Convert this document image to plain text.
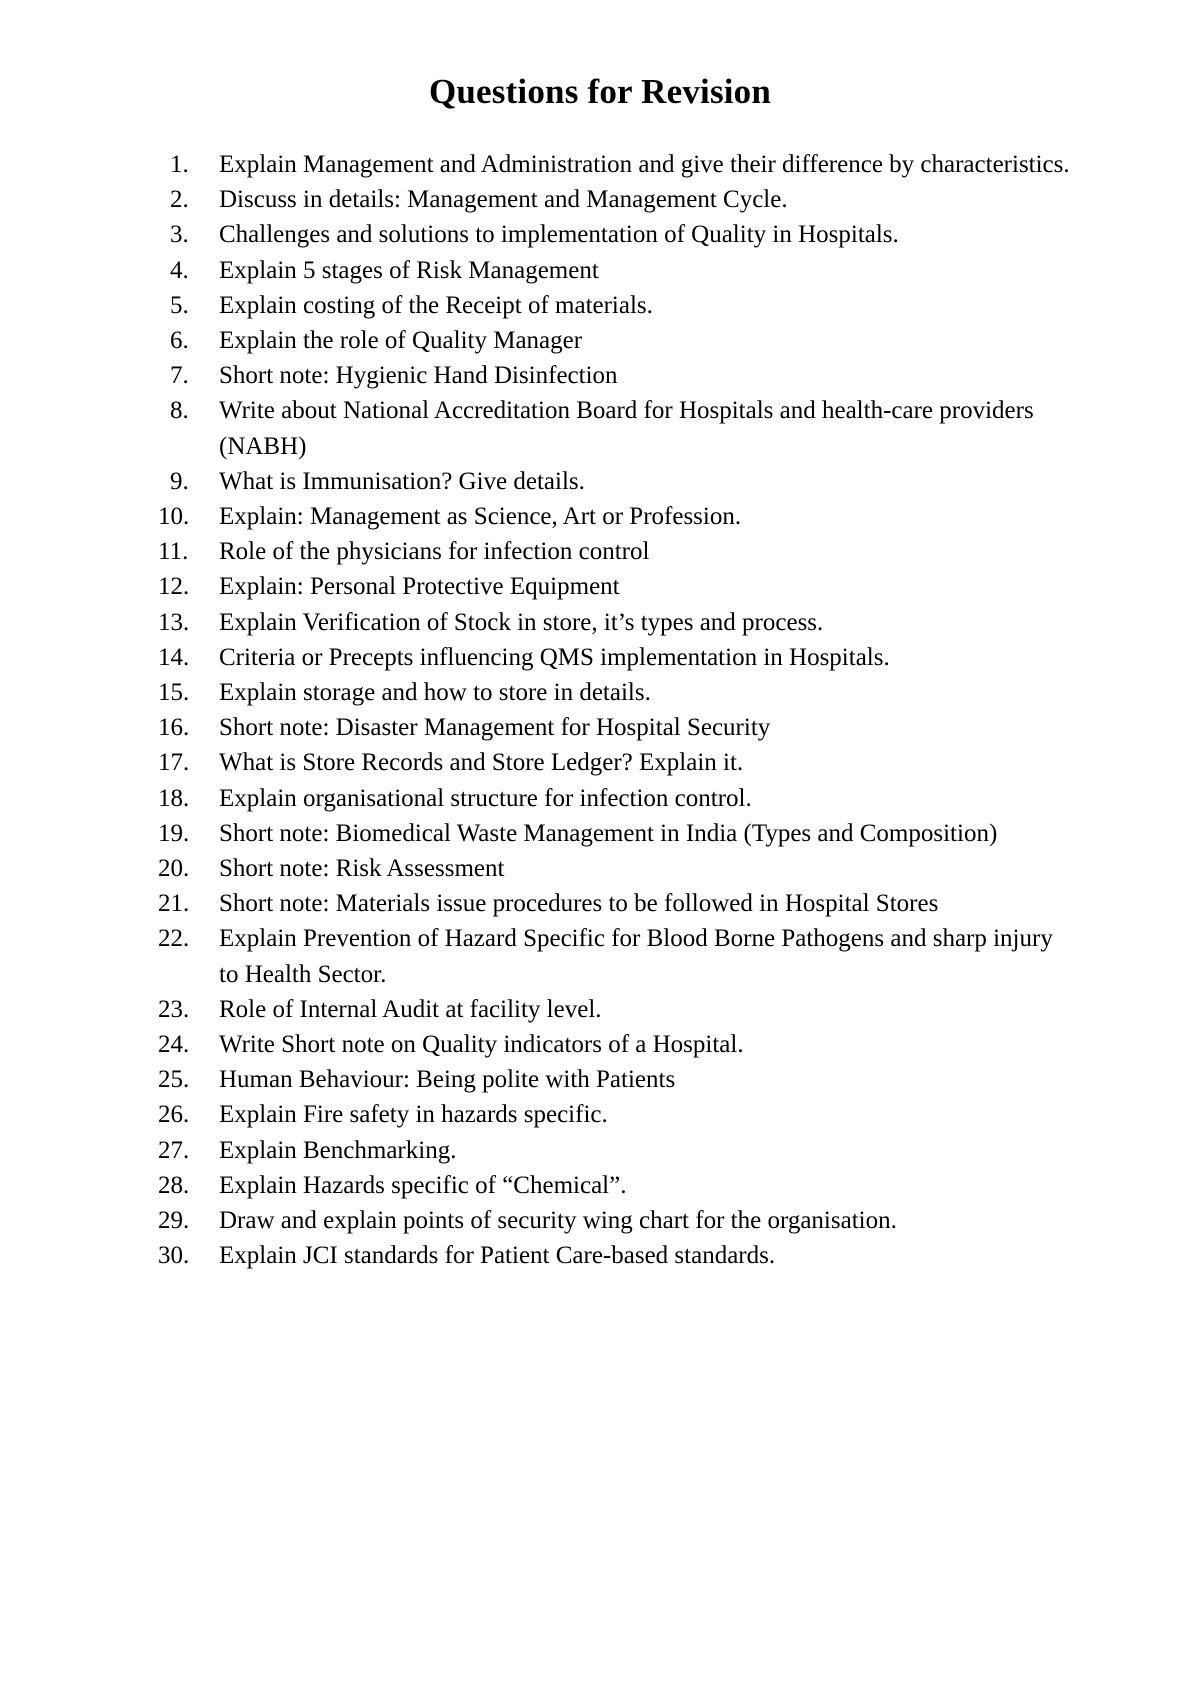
Questions for Revision
1. Explain Management and Administration and give their difference by characteristics.
2. Discuss in details: Management and Management Cycle.
3. Challenges and solutions to implementation of Quality in Hospitals.
4. Explain 5 stages of Risk Management
5. Explain costing of the Receipt of materials.
6. Explain the role of Quality Manager
7. Short note: Hygienic Hand Disinfection
8. Write about National Accreditation Board for Hospitals and health-care providers (NABH)
9. What is Immunisation? Give details.
10. Explain: Management as Science, Art or Profession.
11. Role of the physicians for infection control
12. Explain: Personal Protective Equipment
13. Explain Verification of Stock in store, it’s types and process.
14. Criteria or Precepts influencing QMS implementation in Hospitals.
15. Explain storage and how to store in details.
16. Short note: Disaster Management for Hospital Security
17. What is Store Records and Store Ledger? Explain it.
18. Explain organisational structure for infection control.
19. Short note: Biomedical Waste Management in India (Types and Composition)
20. Short note: Risk Assessment
21. Short note: Materials issue procedures to be followed in Hospital Stores
22. Explain Prevention of Hazard Specific for Blood Borne Pathogens and sharp injury to Health Sector.
23. Role of Internal Audit at facility level.
24. Write Short note on Quality indicators of a Hospital.
25. Human Behaviour: Being polite with Patients
26. Explain Fire safety in hazards specific.
27. Explain Benchmarking.
28. Explain Hazards specific of “Chemical”.
29. Draw and explain points of security wing chart for the organisation.
30. Explain JCI standards for Patient Care-based standards.
